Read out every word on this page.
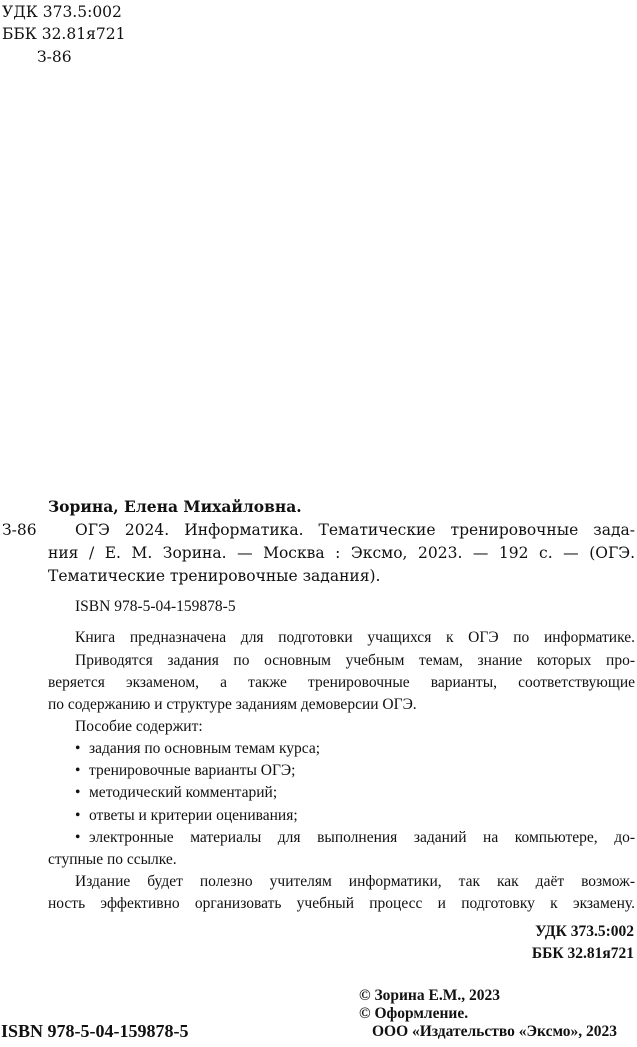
УДК 373.5:002
ББК 32.81я721
З-86
Зорина, Елена Михайловна.
З-86 ОГЭ 2024. Информатика. Тематические тренировочные зада-
ния / Е. М. Зорина. — Москва : Эксмо, 2023. — 192 с. — (ОГЭ.
Тематические тренировочные задания).
ISBN 978-5-04-159878-5
Книга предназначена для подготовки учащихся к ОГЭ по информатике.
Приводятся задания по основным учебным темам, знание которых про-
веряется экзаменом, а также тренировочные варианты, соответствующие
по содержанию и структуре заданиям демоверсии ОГЭ.
Пособие содержит:
• задания по основным темам курса;
• тренировочные варианты ОГЭ;
• методический комментарий;
• ответы и критерии оценивания;
• электронные материалы для выполнения заданий на компьютере, до-
ступные по ссылке.
Издание будет полезно учителям информатики, так как даёт возмож-
ность эффективно организовать учебный процесс и подготовку к экзамену.
УДК 373.5:002
ББК 32.81я721
© Зорина Е.М., 2023
© Оформление.
ISBN 978-5-04-159878-5	ООО «Издательство «Эксмо», 2023
